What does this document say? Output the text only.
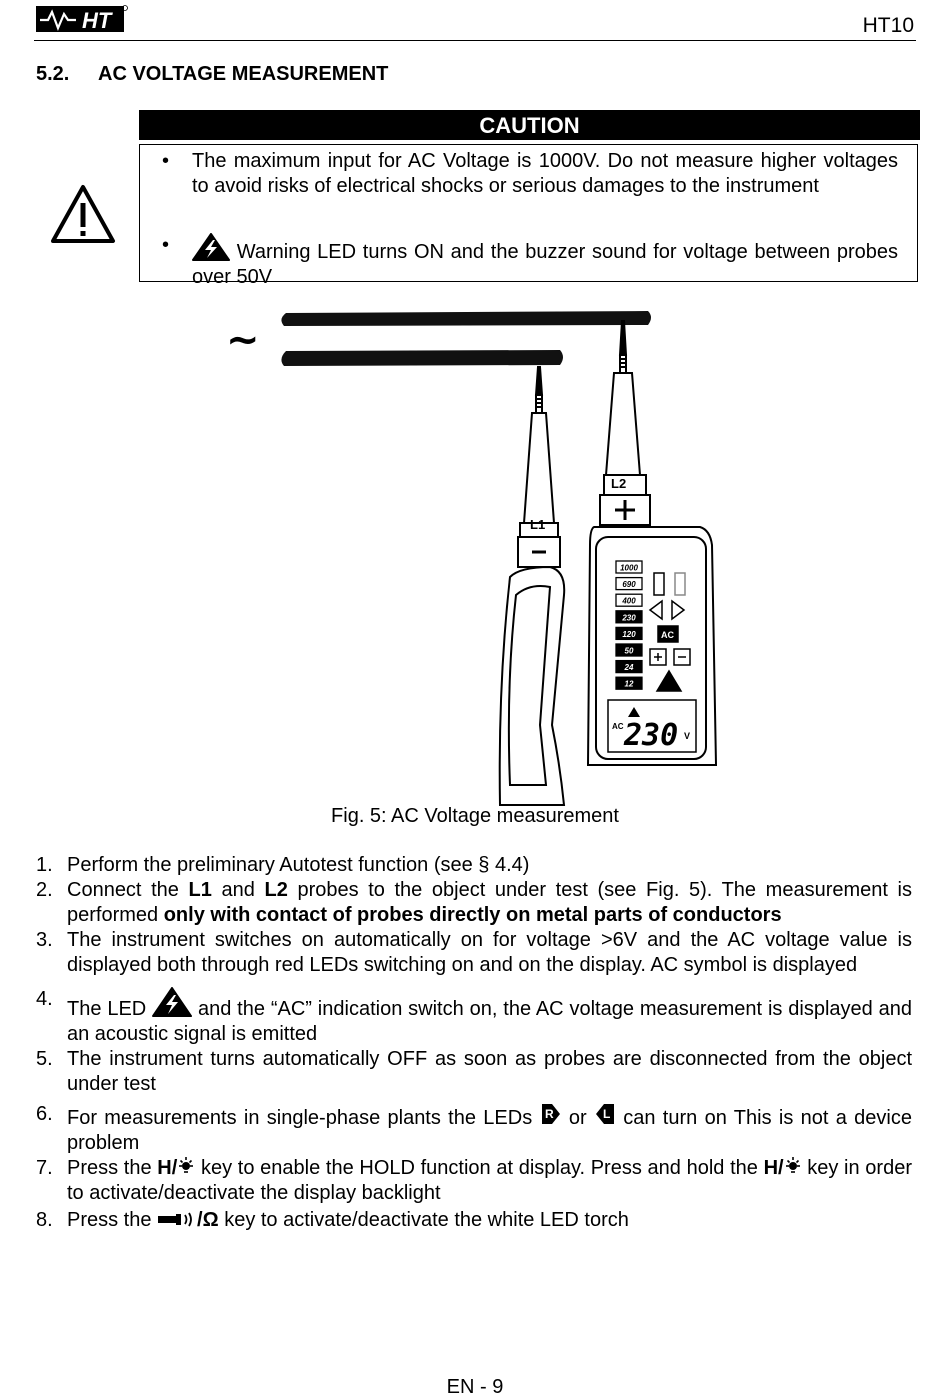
HT	HT10
5.2. AC VOLTAGE MEASUREMENT
CAUTION
• The maximum input for AC Voltage is 1000V. Do not measure higher voltages to avoid risks of electrical shocks or serious damages to the instrument
•	Warning LED turns ON and the buzzer sound for voltage between probes over 50V
~
L1
L2
1000
690
400
230
120
50
24
12
AC
AC 230 V
Fig. 5: AC Voltage measurement
1. Perform the preliminary Autotest function (see § 4.4)
2. Connect the L1 and L2 probes to the object under test (see Fig. 5). The measurement is performed only with contact of probes directly on metal parts of conductors
3. The instrument switches on automatically on for voltage >6V and the AC voltage value is displayed both through red LEDs switching on and on the display. AC symbol is displayed
4. The LED  and the “AC” indication switch on, the AC voltage measurement is displayed and an acoustic signal is emitted
5. The instrument turns automatically OFF as soon as probes are disconnected from the object under test
6. For measurements in single-phase plants the LEDs R or L can turn on This is not a device problem
7. Press the H/ key to enable the HOLD function at display. Press and hold the H/ key in order to activate/deactivate the display backlight
8. Press the /Ω key to activate/deactivate the white LED torch
EN - 9
